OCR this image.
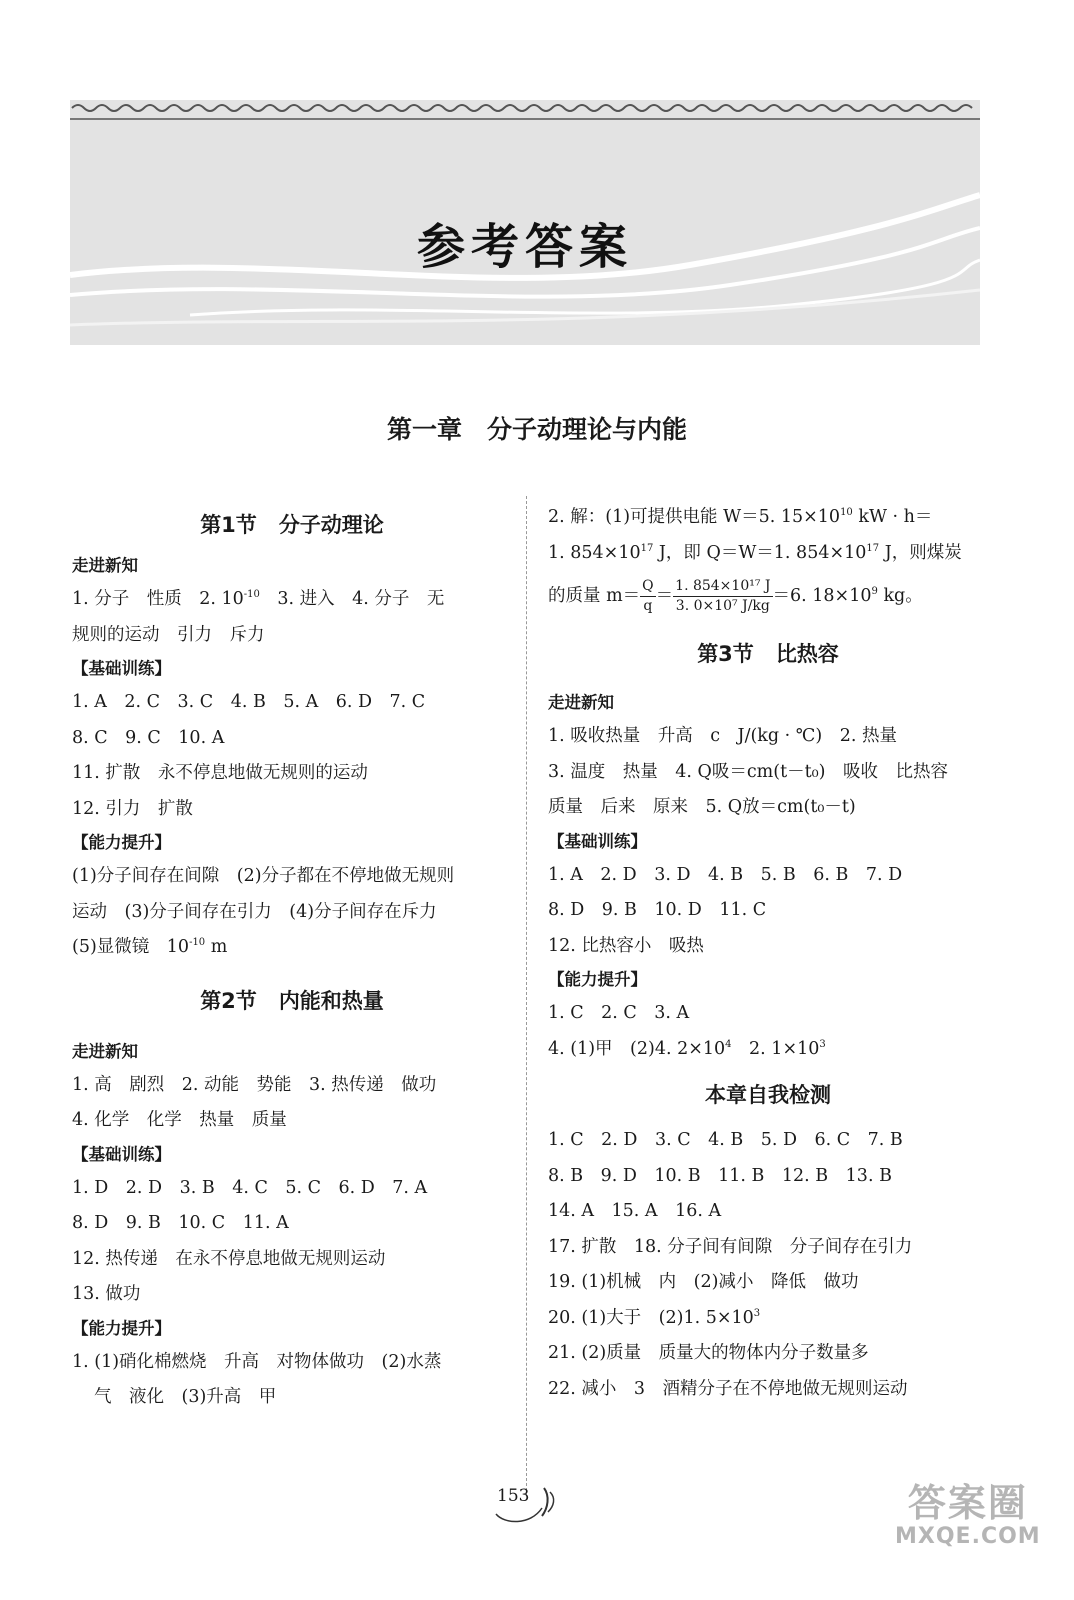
参考答案
第一章　分子动理论与内能
第1节 分子动理论
走进新知
1. 分子　性质　2. $10^{-10}$　3. 进入　4. 分子　无
规则的运动　引力　斥力
【基础训练】
1. A　2. C　3. C　4. B　5. A　6. D　7. C
8. C　9. C　10. A
11. 扩散　永不停息地做无规则的运动
12. 引力　扩散
【能力提升】
(1)分子间存在间隙　(2)分子都在不停地做无规则
运动　(3)分子间存在引力　(4)分子间存在斥力
(5)显微镜　$10^{-10}$ m
第2节 内能和热量
走进新知
1. 高　剧烈　2. 动能　势能　3. 热传递　做功
4. 化学　化学　热量　质量
【基础训练】
1. D　2. D　3. B　4. C　5. C　6. D　7. A
8. D　9. B　10. C　11. A
12. 热传递　在永不停息地做无规则运动
13. 做功
【能力提升】
1. (1)硝化棉燃烧　升高　对物体做功　(2)水蒸
气　液化　(3)升高　甲
2. 解：(1)可提供电能 W＝5. $15\times 10^{10}$ kW · h＝
1. $854\times 10^{17}$ J，即 Q＝W＝1. $854\times 10^{17}$ J，则煤炭
的质量 $m= \frac{Q}{q} = \frac{\text{1. 854×10¹⁷ J}}{\text{3. 0×10⁷ J/kg}} =6$. $18\times 10^9$ kg。
第3节 比热容
走进新知
1. 吸收热量　升高　c　J/(kg · ℃)　2. 热量
3. 温度　热量　4. Q吸＝cm(t－t₀)　吸收　比热容
质量　后来　原来　5. Q放＝cm(t₀－t)
【基础训练】
1. A　2. D　3. D　4. B　5. B　6. B　7. D
8. D　9. B　10. D　11. C
12. 比热容小　吸热
【能力提升】
1. C　2. C　3. A
4. (1)甲　(2)4. $2\times 10^4$　2. $1\times 10^3$
本章自我检测
1. C　2. D　3. C　4. B　5. D　6. C　7. B
8. B　9. D　10. B　11. B　12. B　13. B
14. A　15. A　16. A
17. 扩散　18. 分子间有间隙　分子间存在引力
19. (1)机械　内　(2)减小　降低　做功
20. (1)大于　(2)1. $5\times 10^3$
21. (2)质量　质量大的物体内分子数量多
22. 减小　3　酒精分子在不停地做无规则运动
153	答案圈
MXQE.COM
